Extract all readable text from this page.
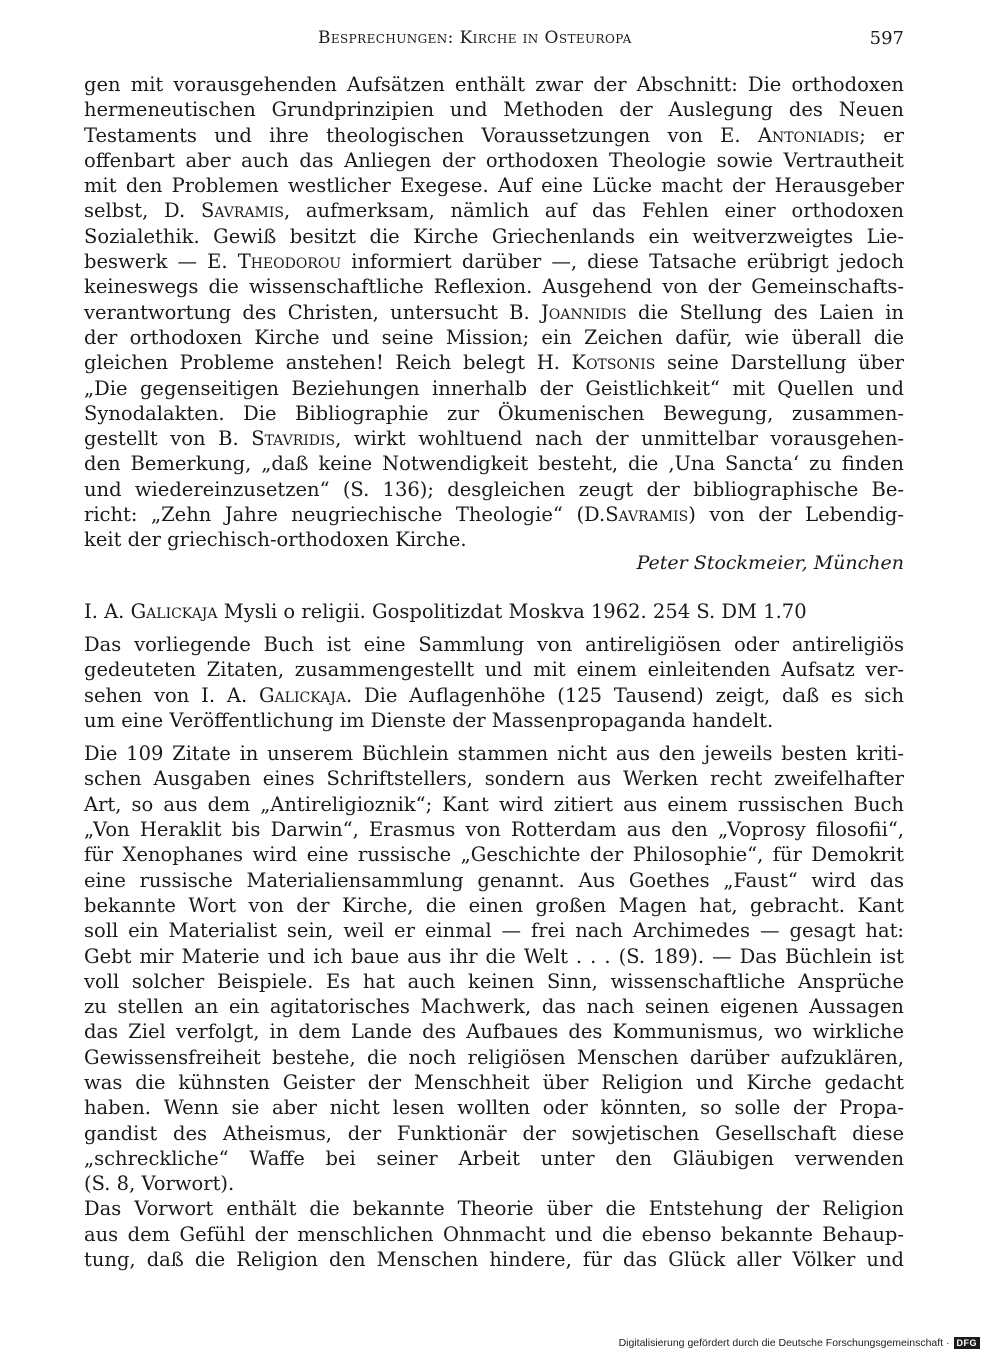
Besprechungen: Kirche in Osteuropa	597

gen mit vorausgehenden Aufsätzen enthält zwar der Abschnitt: Die orthodoxen
hermeneutischen Grundprinzipien und Methoden der Auslegung des Neuen
Testaments und ihre theologischen Voraussetzungen von E. Antoniadis; er
offenbart aber auch das Anliegen der orthodoxen Theologie sowie Vertrautheit
mit den Problemen westlicher Exegese. Auf eine Lücke macht der Herausgeber
selbst, D. Savramis, aufmerksam, nämlich auf das Fehlen einer orthodoxen
Sozialethik. Gewiß besitzt die Kirche Griechenlands ein weitverzweigtes Lie-
beswerk — E. Theodorou informiert darüber —, diese Tatsache erübrigt jedoch
keineswegs die wissenschaftliche Reflexion. Ausgehend von der Gemeinschafts-
verantwortung des Christen, untersucht B. Joannidis die Stellung des Laien in
der orthodoxen Kirche und seine Mission; ein Zeichen dafür, wie überall die
gleichen Probleme anstehen! Reich belegt H. Kotsonis seine Darstellung über
„Die gegenseitigen Beziehungen innerhalb der Geistlichkeit“ mit Quellen und
Synodalakten. Die Bibliographie zur Ökumenischen Bewegung, zusammen-
gestellt von B. Stavridis, wirkt wohltuend nach der unmittelbar vorausgehen-
den Bemerkung, „daß keine Notwendigkeit besteht, die ‚Una Sancta‘ zu finden
und wiedereinzusetzen“ (S. 136); desgleichen zeugt der bibliographische Be-
richt: „Zehn Jahre neugriechische Theologie“ (D.Savramis) von der Lebendig-
keit der griechisch-orthodoxen Kirche.

Peter Stockmeier, München
I. A. Galickaja Mysli o religii. Gospolitizdat Moskva 1962. 254 S. DM 1.70

Das vorliegende Buch ist eine Sammlung von antireligiösen oder antireligiös
gedeuteten Zitaten, zusammengestellt und mit einem einleitenden Aufsatz ver-
sehen von I. A. Galickaja. Die Auflagenhöhe (125 Tausend) zeigt, daß es sich
um eine Veröffentlichung im Dienste der Massenpropaganda handelt.

Die 109 Zitate in unserem Büchlein stammen nicht aus den jeweils besten kriti-
schen Ausgaben eines Schriftstellers, sondern aus Werken recht zweifelhafter
Art, so aus dem „Antireligioznik“; Kant wird zitiert aus einem russischen Buch
„Von Heraklit bis Darwin“, Erasmus von Rotterdam aus den „Voprosy filosofii“,
für Xenophanes wird eine russische „Geschichte der Philosophie“, für Demokrit
eine russische Materialiensammlung genannt. Aus Goethes „Faust“ wird das
bekannte Wort von der Kirche, die einen großen Magen hat, gebracht. Kant
soll ein Materialist sein, weil er einmal — frei nach Archimedes — gesagt hat:
Gebt mir Materie und ich baue aus ihr die Welt . . . (S. 189). — Das Büchlein ist
voll solcher Beispiele. Es hat auch keinen Sinn, wissenschaftliche Ansprüche
zu stellen an ein agitatorisches Machwerk, das nach seinen eigenen Aussagen
das Ziel verfolgt, in dem Lande des Aufbaues des Kommunismus, wo wirkliche
Gewissensfreiheit bestehe, die noch religiösen Menschen darüber aufzuklären,
was die kühnsten Geister der Menschheit über Religion und Kirche gedacht
haben. Wenn sie aber nicht lesen wollten oder könnten, so solle der Propa-
gandist des Atheismus, der Funktionär der sowjetischen Gesellschaft diese
„schreckliche“ Waffe bei seiner Arbeit unter den Gläubigen verwenden
(S. 8, Vorwort).

Das Vorwort enthält die bekannte Theorie über die Entstehung der Religion
aus dem Gefühl der menschlichen Ohnmacht und die ebenso bekannte Behaup-
tung, daß die Religion den Menschen hindere, für das Glück aller Völker und

Digitalisierung gefördert durch die Deutsche Forschungsgemeinschaft · DFG
